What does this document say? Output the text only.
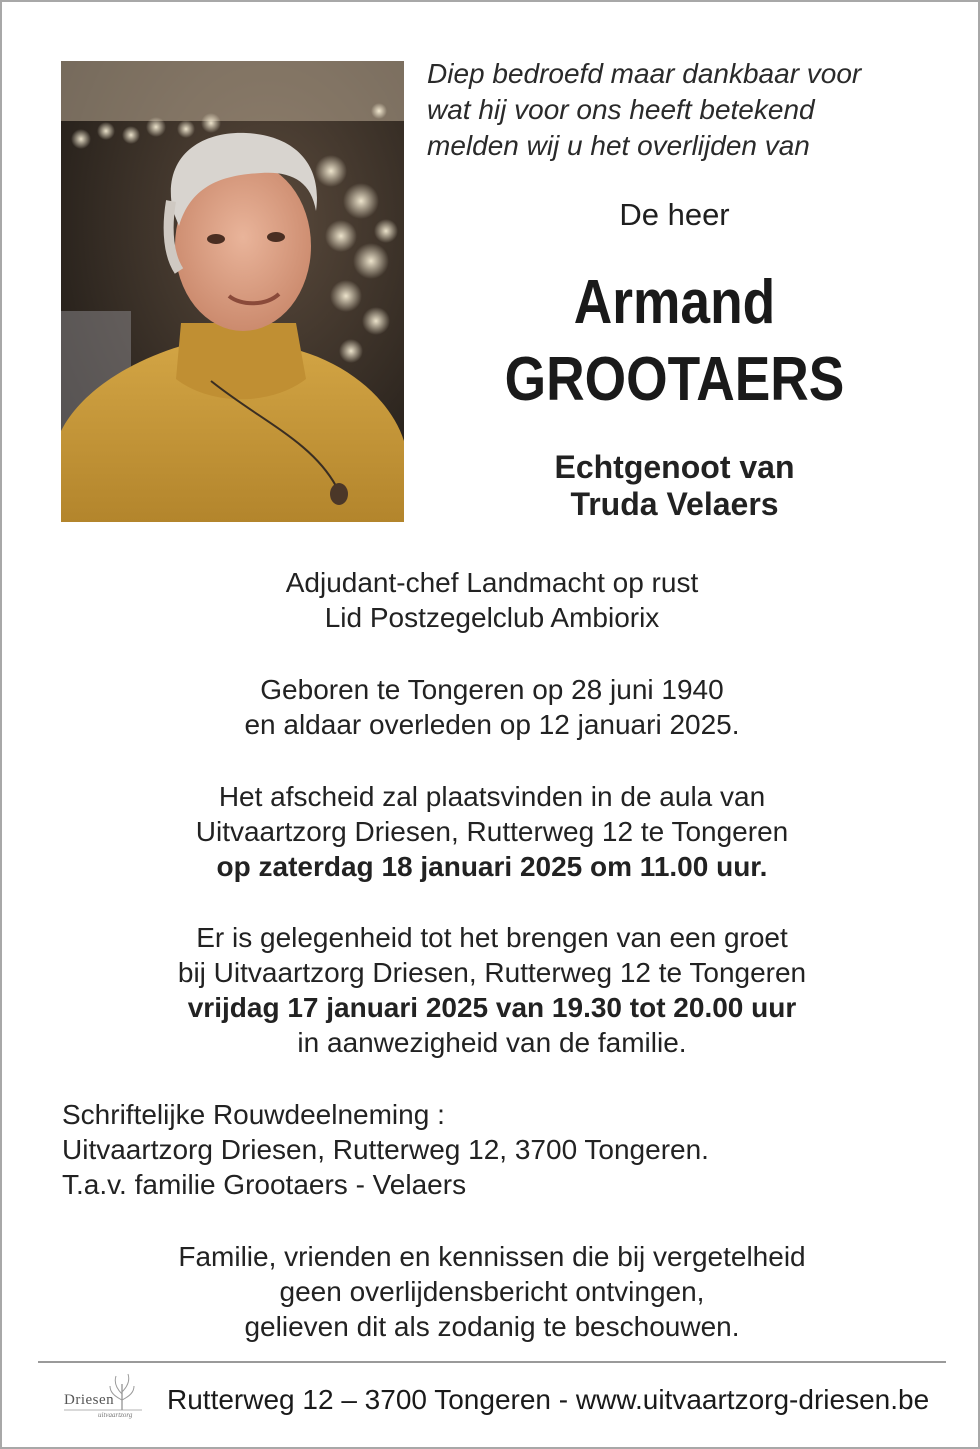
Diep bedroefd maar dankbaar voor
wat hij voor ons heeft betekend
melden wij u het overlijden van
De heer
Armand
GROOTAERS
Echtgenoot van
Truda Velaers
Adjudant-chef Landmacht op rust
Lid Postzegelclub Ambiorix
Geboren te Tongeren op 28 juni 1940
en aldaar overleden op 12 januari 2025.
Het afscheid zal plaatsvinden in de aula van
Uitvaartzorg Driesen, Rutterweg 12 te Tongeren
op zaterdag 18 januari 2025 om 11.00 uur.
Er is gelegenheid tot het brengen van een groet
bij Uitvaartzorg Driesen, Rutterweg 12 te Tongeren
vrijdag 17 januari 2025 van 19.30 tot 20.00 uur
in aanwezigheid van de familie.
Schriftelijke Rouwdeelneming :
Uitvaartzorg Driesen, Rutterweg 12, 3700 Tongeren.
T.a.v. familie Grootaers - Velaers
Familie, vrienden en kennissen die bij vergetelheid
geen overlijdensbericht ontvingen,
gelieven dit als zodanig te beschouwen.
Driesen
uitvaartzorg Rutterweg 12 – 3700 Tongeren - www.uitvaartzorg-driesen.be
